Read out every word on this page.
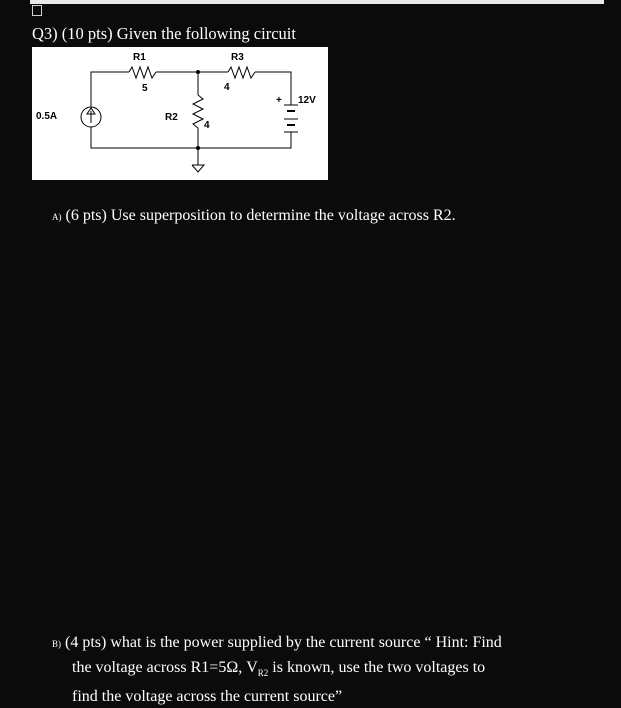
Q3) (10 pts) Given the following circuit
R1
5
R3
4
R2
4
0.5A
12V
+
A) (6 pts) Use superposition to determine the voltage across R2.
B) (4 pts) what is the power supplied by the current source “ Hint: Find
the voltage across R1=5Ω, $V_{R2}$ is known, use the two voltages to
find the voltage across the current source”
